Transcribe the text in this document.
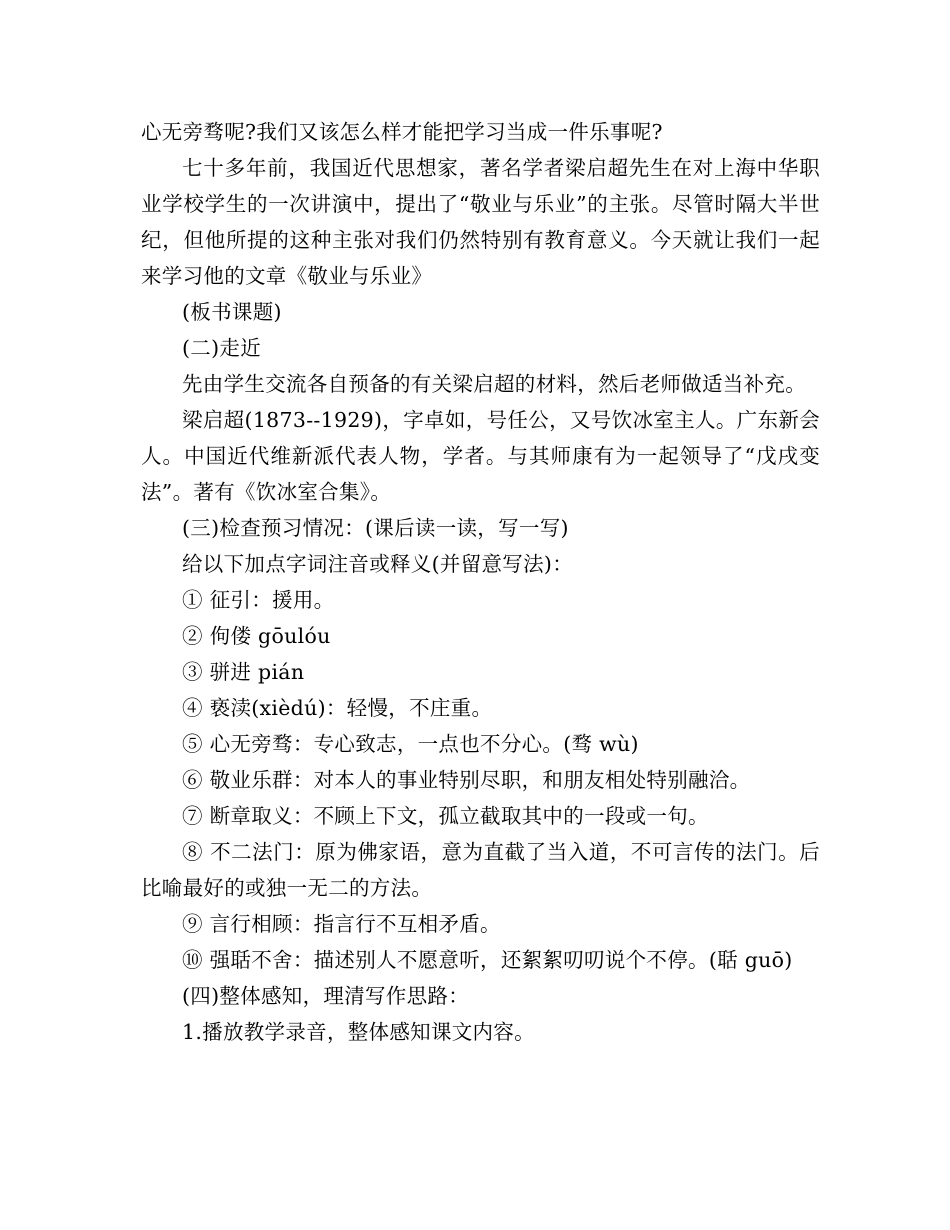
心无旁骛呢?我们又该怎么样才能把学习当成一件乐事呢?

七十多年前，我国近代思想家，著名学者梁启超先生在对上海中华职业学校学生的一次讲演中，提出了“敬业与乐业”的主张。尽管时隔大半世纪，但他所提的这种主张对我们仍然特别有教育意义。今天就让我们一起来学习他的文章《敬业与乐业》

(板书课题)

(二)走近

先由学生交流各自预备的有关梁启超的材料，然后老师做适当补充。

梁启超(1873--1929)，字卓如，号任公，又号饮冰室主人。广东新会人。中国近代维新派代表人物，学者。与其师康有为一起领导了“戊戌变法”。著有《饮冰室合集》。

(三)检查预习情况：(课后读一读，写一写)

给以下加点字词注音或释义(并留意写法)：

① 征引：援用。

② 佝偻 gōulóu

③ 骈进 pián

④ 亵渎(xièdú)：轻慢，不庄重。

⑤ 心无旁骛：专心致志，一点也不分心。(骛 wù)

⑥ 敬业乐群：对本人的事业特别尽职，和朋友相处特别融洽。

⑦ 断章取义：不顾上下文，孤立截取其中的一段或一句。

⑧ 不二法门：原为佛家语，意为直截了当入道，不可言传的法门。后比喻最好的或独一无二的方法。

⑨ 言行相顾：指言行不互相矛盾。

⑩ 强聒不舍：描述别人不愿意听，还絮絮叨叨说个不停。(聒 guō)

(四)整体感知，理清写作思路：

1.播放教学录音，整体感知课文内容。
